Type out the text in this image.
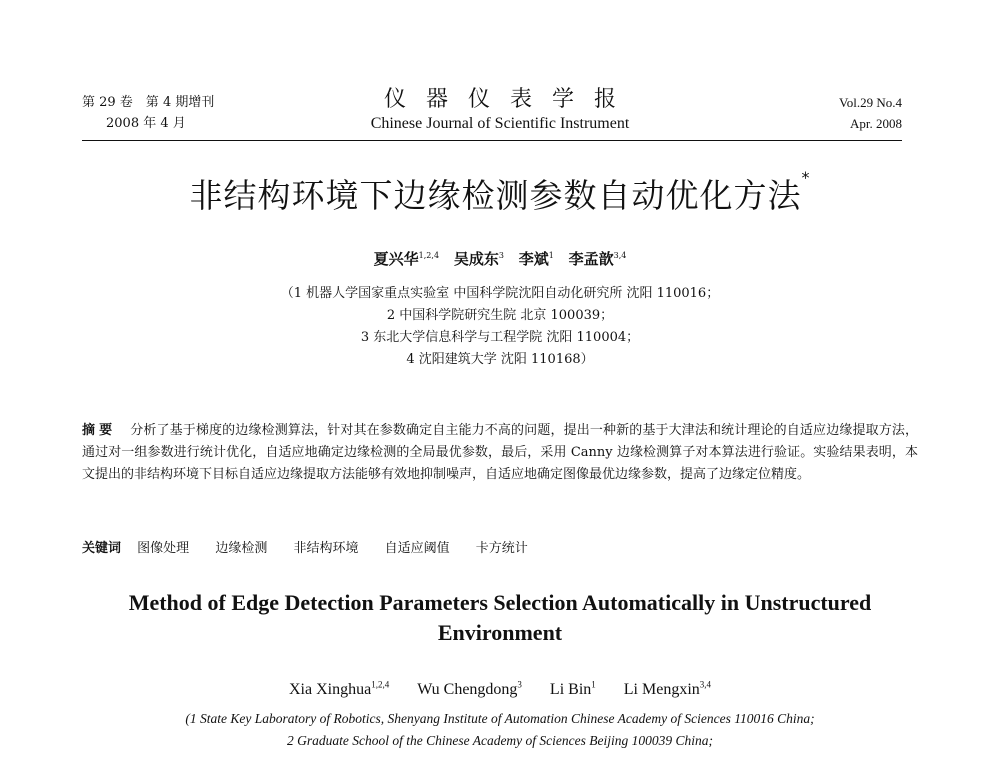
第 29 卷　第 4 期增刊
2008 年 4 月
仪器仪表学报
Chinese Journal of Scientific Instrument
Vol.29 No.4
Apr. 2008
非结构环境下边缘检测参数自动优化方法*
夏兴华$^{1,2,4}$ 吴成东$^3$ 李斌$^1$ 李孟歆$^{3,4}$
（1 机器人学国家重点实验室 中国科学院沈阳自动化研究所 沈阳 110016；
2 中国科学院研究生院 北京 100039；
3 东北大学信息科学与工程学院 沈阳 110004；
4 沈阳建筑大学 沈阳 110168）
摘要 分析了基于梯度的边缘检测算法，针对其在参数确定自主能力不高的问题，提出一种新的基于大津法和统计理论的自适应边缘提取方法，通过对一组参数进行统计优化，自适应地确定边缘检测的全局最优参数，最后，采用 Canny 边缘检测算子对本算法进行验证。实验结果表明，本文提出的非结构环境下目标自适应边缘提取方法能够有效地抑制噪声，自适应地确定图像最优边缘参数，提高了边缘定位精度。
关键词 图像处理 边缘检测 非结构环境 自适应阈值 卡方统计
Method of Edge Detection Parameters Selection Automatically in Unstructured Environment
Xia Xinghua$^{1,2,4}$ Wu Chengdong$^3$ Li Bin$^1$ Li Mengxin$^{3,4}$
(1 State Key Laboratory of Robotics, Shenyang Institute of Automation Chinese Academy of Sciences 110016 China;
2 Graduate School of the Chinese Academy of Sciences Beijing 100039 China;
